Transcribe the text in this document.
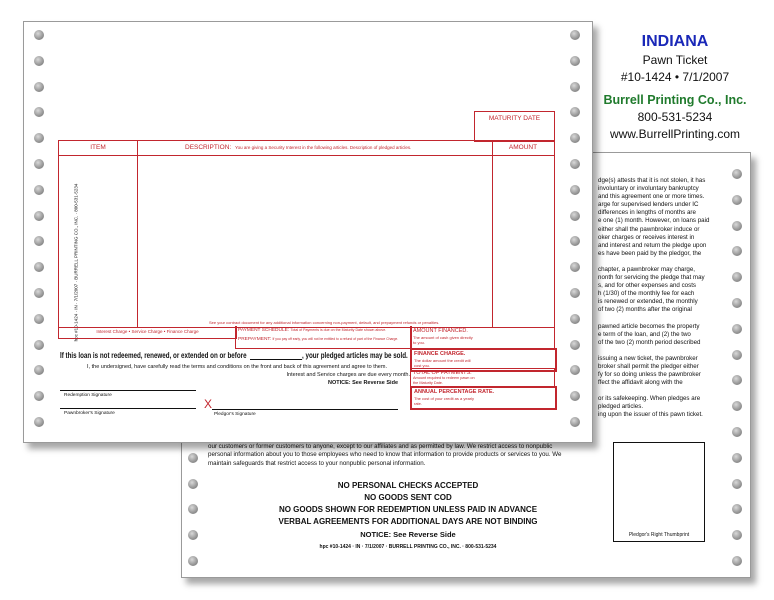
dge(s) attests that it is not stolen, it has

involuntary or involuntary bankruptcy

and this agreement one or more times.

arge for supervised lenders under IC

differences in lengths of months are

e one (1) month. However, on loans paid

either shall the pawnbroker induce or

oker charges or receives interest in

and interest and return the pledge upon

es have been paid by the pledgor, the

chapter, a pawnbroker may charge,

nonth for servicing the pledge that may

s, and for other expenses and costs

h (1/30) of the monthly fee for each

is renewed or extended, the monthly

of two (2) months after the original

pawned article becomes the property

e term of the loan, and (2) the two

of the two (2) month period described

issuing a new ticket, the pawnbroker

broker shall permit the pledger either

fy for so doing unless the pawnbroker

ffect the affidavit along with the

or its safekeeping. When pledges are

pledged articles.

ing upon the issuer of this pawn ticket.

our customers or former customers to anyone, except to our affiliates and as permitted by law. We restrict access to nonpublic

personal information about you to those employees who need to know that information to provide products or services to you. We

maintain safeguards that restrict access to your nonpublic personal information.

NO PERSONAL CHECKS ACCEPTED
NO GOODS SENT COD
NO GOODS SHOWN FOR REDEMPTION UNLESS PAID IN ADVANCE
VERBAL AGREEMENTS FOR ADDITIONAL DAYS ARE NOT BINDING
NOTICE: See Reverse Side
hpc #10-1424 · IN · 7/1/2007 · BURRELL PRINTING CO., INC. · 800-531-5234
Pledgor's Right Thumbprint
hpc #10-1424 · IN · 7/1/2007 · BURRELL PRINTING CO., INC. · 800-531-5234
MATURITY DATE
ITEM	DESCRIPTION: You are giving a Security Interest in the following articles. Description of pledged articles.	AMOUNT
See your contract document for any additional information concerning non-payment, default, and prepayment refunds or penalties.
Interest Charge • Service Charge • Finance Charge	PAYMENT SCHEDULE: Total of Payments is due on the Maturity Date shown above.
PREPAYMENT: If you pay off early, you will not be entitled to a refund of part of the Finance Charge.
AMOUNT FINANCED.
The amount of cash given directly to you.
FINANCE CHARGE.
The dollar amount the credit will cost you.
TOTAL OF PAYMENTS.
Amount required to redeem pawn on the Maturity Date.
ANNUAL PERCENTAGE RATE.
The cost of your credit as a yearly rate.
If this loan is not redeemed, renewed, or extended on or before	, your pledged articles may be sold.
I, the undersigned, have carefully read the terms and conditions on the front and back of this agreement and agree to them.
Interest and Service charges are due every month.
NOTICE: See Reverse Side
Redemption Signature
Pawnbroker's Signature
X
Pledgor's Signature
INDIANA
Pawn Ticket
#10-1424 • 7/1/2007
Burrell Printing Co., Inc.
800-531-5234
www.BurrellPrinting.com
